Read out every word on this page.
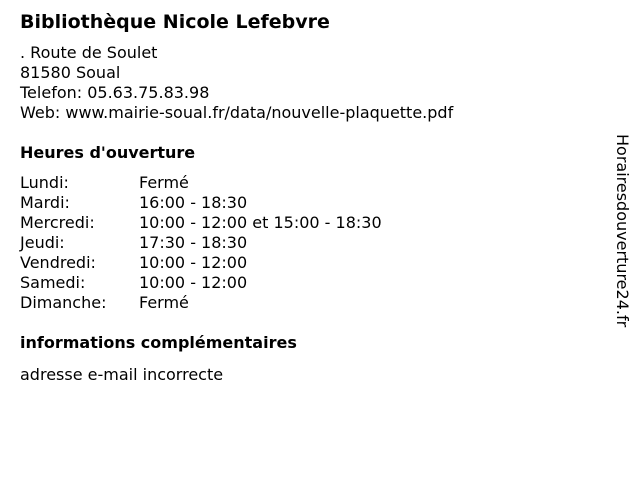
Bibliothèque Nicole Lefebvre
. Route de Soulet
81580 Soual
Telefon: 05.63.75.83.98
Web: www.mairie-soual.fr/data/nouvelle-plaquette.pdf
Heures d'ouverture
Lundi:	Fermé
Mardi:	16:00 - 18:30
Mercredi:	10:00 - 12:00 et 15:00 - 18:30
Jeudi:	17:30 - 18:30
Vendredi:	10:00 - 12:00
Samedi:	10:00 - 12:00
Dimanche:	Fermé
informations complémentaires
adresse e-mail incorrecte
Horairesdouverture24.fr
